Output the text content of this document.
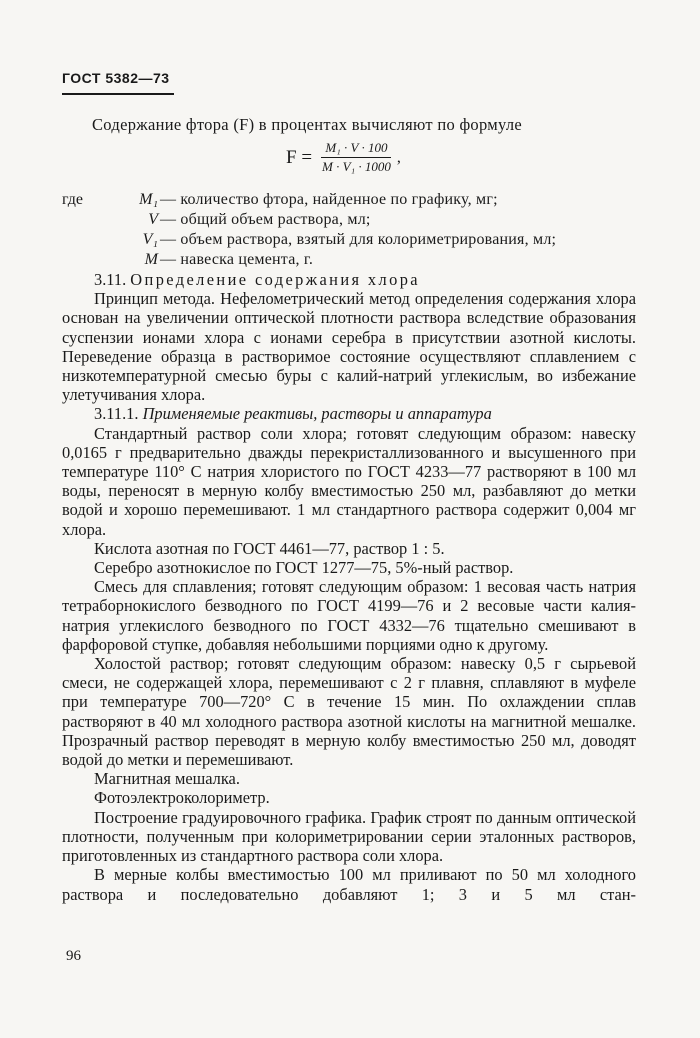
ГОСТ 5382—73
Содержание фтора (F) в процентах вычисляют по формуле
$F = \frac{\text{M₁ · V · 100}}{\text{M · V₁ · 1000}}$ ,
где	M₁ — количество фтора, найденное по графику, мг;
V — общий объем раствора, мл;
V₁ — объем раствора, взятый для колориметрирования, мл;
M — навеска цемента, г.

3.11. Определение содержания хлора

Принцип метода. Нефелометрический метод определения содержания хлора основан на увеличении оптической плотности раствора вследствие образования суспензии ионами хлора с ионами серебра в присутствии азотной кислоты. Переведение образца в растворимое состояние осуществляют сплавлением с низкотемпературной смесью буры с калий-натрий углекислым, во избежание улетучивания хлора.

3.11.1. Применяемые реактивы, растворы и аппаратура

Стандартный раствор соли хлора; готовят следующим образом: навеску 0,0165 г предварительно дважды перекристаллизованного и высушенного при температуре 110° С натрия хлористого по ГОСТ 4233—77 растворяют в 100 мл воды, переносят в мерную колбу вместимостью 250 мл, разбавляют до метки водой и хорошо перемешивают. 1 мл стандартного раствора содержит 0,004 мг хлора.

Кислота азотная по ГОСТ 4461—77, раствор 1 : 5.

Серебро азотнокислое по ГОСТ 1277—75, 5%-ный раствор.

Смесь для сплавления; готовят следующим образом: 1 весовая часть натрия тетраборнокислого безводного по ГОСТ 4199—76 и 2 весовые части калия-натрия углекислого безводного по ГОСТ 4332—76 тщательно смешивают в фарфоровой ступке, добавляя небольшими порциями одно к другому.

Холостой раствор; готовят следующим образом: навеску 0,5 г сырьевой смеси, не содержащей хлора, перемешивают с 2 г плавня, сплавляют в муфеле при температуре 700—720° С в течение 15 мин. По охлаждении сплав растворяют в 40 мл холодного раствора азотной кислоты на магнитной мешалке. Прозрачный раствор переводят в мерную колбу вместимостью 250 мл, доводят водой до метки и перемешивают.

Магнитная мешалка.

Фотоэлектроколориметр.

Построение градуировочного графика. График строят по данным оптической плотности, полученным при колориметрировании серии эталонных растворов, приготовленных из стандартного раствора соли хлора.

В мерные колбы вместимостью 100 мл приливают по 50 мл холодного раствора и последовательно добавляют 1; 3 и 5 мл стан-

96
